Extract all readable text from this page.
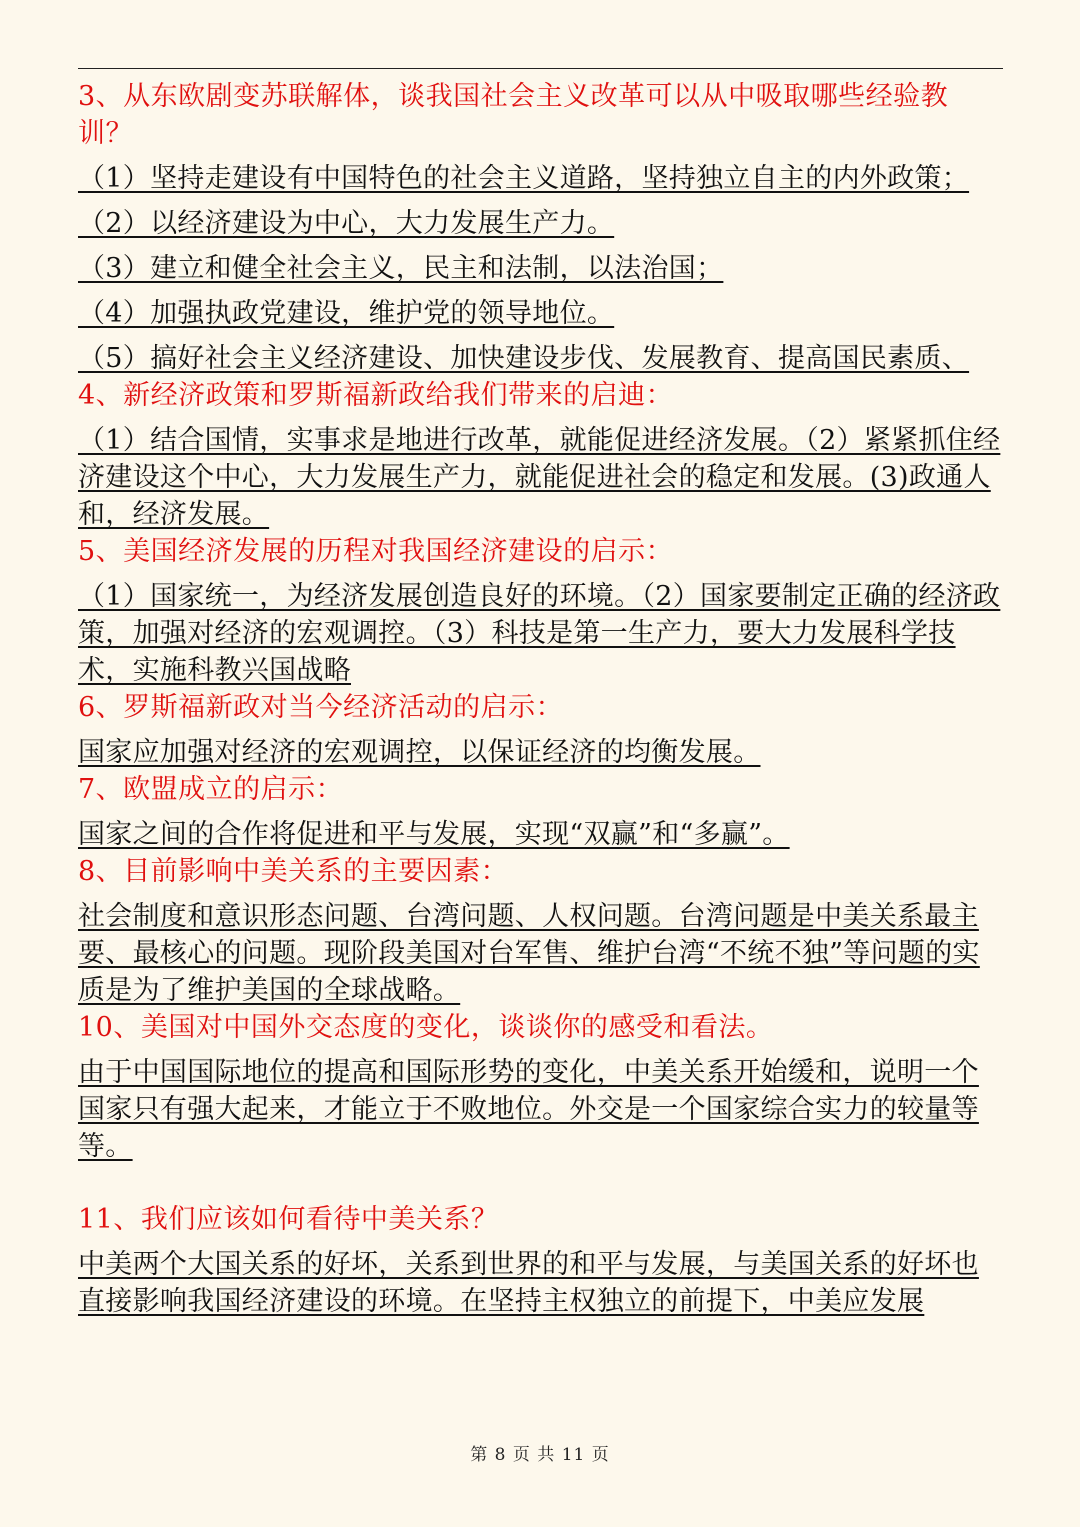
3、从东欧剧变苏联解体，谈我国社会主义改革可以从中吸取哪些经验教训？

（1）坚持走建设有中国特色的社会主义道路，坚持独立自主的内外政策；

（2）以经济建设为中心，大力发展生产力。

（3）建立和健全社会主义，民主和法制，以法治国；

（4）加强执政党建设，维护党的领导地位。

（5）搞好社会主义经济建设、加快建设步伐、发展教育、提高国民素质、

4、新经济政策和罗斯福新政给我们带来的启迪：

（1）结合国情，实事求是地进行改革，就能促进经济发展。（2）紧紧抓住经济建设这个中心，大力发展生产力，就能促进社会的稳定和发展。(3)政通人和，经济发展。

5、美国经济发展的历程对我国经济建设的启示：

（1）国家统一，为经济发展创造良好的环境。（2）国家要制定正确的经济政策，加强对经济的宏观调控。（3）科技是第一生产力，要大力发展科学技术，实施科教兴国战略

6、罗斯福新政对当今经济活动的启示：

国家应加强对经济的宏观调控，以保证经济的均衡发展。

7、欧盟成立的启示：

国家之间的合作将促进和平与发展，实现“双赢”和“多赢”。

8、目前影响中美关系的主要因素：

社会制度和意识形态问题、台湾问题、人权问题。台湾问题是中美关系最主要、最核心的问题。现阶段美国对台军售、维护台湾“不统不独”等问题的实质是为了维护美国的全球战略。

10、美国对中国外交态度的变化，谈谈你的感受和看法。

由于中国国际地位的提高和国际形势的变化，中美关系开始缓和，说明一个国家只有强大起来，才能立于不败地位。外交是一个国家综合实力的较量等等。

11、我们应该如何看待中美关系？

中美两个大国关系的好坏，关系到世界的和平与发展，与美国关系的好坏也直接影响我国经济建设的环境。在坚持主权独立的前提下，中美应发展

第 8 页 共 11 页
